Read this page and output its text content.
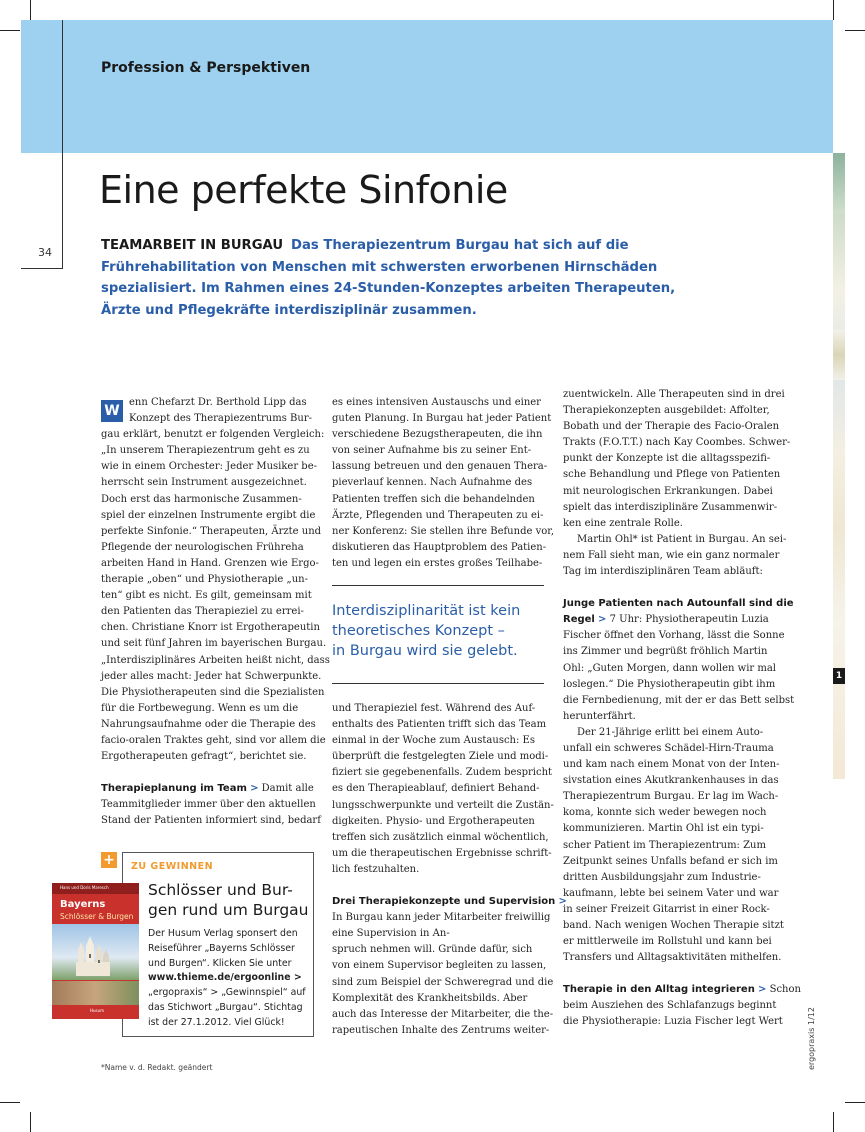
Profession & Perspektiven
34
Eine perfekte Sinfonie
TEAMARBEIT IN BURGAU Das Therapiezentrum Burgau hat sich auf die
Frührehabilitation von Menschen mit schwersten erworbenen Hirnschäden
spezialisiert. Im Rahmen eines 24-Stunden-Konzeptes arbeiten Therapeuten,
Ärzte und Pflegekräfte interdisziplinär zusammen.
W
enn Chefarzt Dr. Berthold Lipp das
Konzept des Therapiezentrums Bur-
gau erklärt, benutzt er folgenden Vergleich:
„In unserem Therapiezentrum geht es zu
wie in einem Orchester: Jeder Musiker be-
herrscht sein Instrument ausgezeichnet.
Doch erst das harmonische Zusammen-
spiel der einzelnen Instrumente ergibt die
perfekte Sinfonie.“ Therapeuten, Ärzte und
Pflegende der neurologischen Frühreha
arbeiten Hand in Hand. Grenzen wie Ergo-
therapie „oben“ und Physiotherapie „un-
ten“ gibt es nicht. Es gilt, gemeinsam mit
den Patienten das Therapieziel zu errei-
chen. Christiane Knorr ist Ergotherapeutin
und seit fünf Jahren im bayerischen Burgau.
„Interdisziplinäres Arbeiten heißt nicht, dass
jeder alles macht: Jeder hat Schwerpunkte.
Die Physiotherapeuten sind die Spezialisten
für die Fortbewegung. Wenn es um die
Nahrungsaufnahme oder die Therapie des
facio-oralen Traktes geht, sind vor allem die
Ergotherapeuten gefragt“, berichtet sie.
Therapieplanung im Team > Damit alle
Teammitglieder immer über den aktuellen
Stand der Patienten informiert sind, bedarf
es eines intensiven Austauschs und einer
guten Planung. In Burgau hat jeder Patient
verschiedene Bezugstherapeuten, die ihn
von seiner Aufnahme bis zu seiner Ent-
lassung betreuen und den genauen Thera-
pieverlauf kennen. Nach Aufnahme des
Patienten treffen sich die behandelnden
Ärzte, Pflegenden und Therapeuten zu ei-
ner Konferenz: Sie stellen ihre Befunde vor,
diskutieren das Hauptproblem des Patien-
ten und legen ein erstes großes Teilhabe-
Interdisziplinarität ist kein
theoretisches Konzept –
in Burgau wird sie gelebt.
und Therapieziel fest. Während des Auf-
enthalts des Patienten trifft sich das Team
einmal in der Woche zum Austausch: Es
überprüft die festgelegten Ziele und modi-
fiziert sie gegebenenfalls. Zudem bespricht
es den Therapieablauf, definiert Behand-
lungsschwerpunkte und verteilt die Zustän-
digkeiten. Physio- und Ergotherapeuten
treffen sich zusätzlich einmal wöchentlich,
um die therapeutischen Ergebnisse schrift-
lich festzuhalten.
Drei Therapiekonzepte und Supervision >
In Burgau kann jeder Mitarbeiter freiwillig
eine Supervision in An-
spruch nehmen will. Gründe dafür, sich
von einem Supervisor begleiten zu lassen,
sind zum Beispiel der Schweregrad und die
Komplexität des Krankheitsbilds. Aber
auch das Interesse der Mitarbeiter, die the-
rapeutischen Inhalte des Zentrums weiter-
zuentwickeln. Alle Therapeuten sind in drei
Therapiekonzepten ausgebildet: Affolter,
Bobath und der Therapie des Facio-Oralen
Trakts (F.O.T.T.) nach Kay Coombes. Schwer-
punkt der Konzepte ist die alltagsspezifi-
sche Behandlung und Pflege von Patienten
mit neurologischen Erkrankungen. Dabei
spielt das interdisziplinäre Zusammenwir-
ken eine zentrale Rolle.
Martin Ohl* ist Patient in Burgau. An sei-
nem Fall sieht man, wie ein ganz normaler
Tag im interdisziplinären Team abläuft:
Junge Patienten nach Autounfall sind die
Regel > 7 Uhr: Physiotherapeutin Luzia
Fischer öffnet den Vorhang, lässt die Sonne
ins Zimmer und begrüßt fröhlich Martin
Ohl: „Guten Morgen, dann wollen wir mal
loslegen.“ Die Physiotherapeutin gibt ihm
die Fernbedienung, mit der er das Bett selbst
herunterfährt.
Der 21-Jährige erlitt bei einem Auto-
unfall ein schweres Schädel-Hirn-Trauma
und kam nach einem Monat von der Inten-
sivstation eines Akutkrankenhauses in das
Therapiezentrum Burgau. Er lag im Wach-
koma, konnte sich weder bewegen noch
kommunizieren. Martin Ohl ist ein typi-
scher Patient im Therapiezentrum: Zum
Zeitpunkt seines Unfalls befand er sich im
dritten Ausbildungsjahr zum Industrie-
kaufmann, lebte bei seinem Vater und war
in seiner Freizeit Gitarrist in einer Rock-
band. Nach wenigen Wochen Therapie sitzt
er mittlerweile im Rollstuhl und kann bei
Transfers und Alltagsaktivitäten mithelfen.
Therapie in den Alltag integrieren > Schon
beim Ausziehen des Schlafanzugs beginnt
die Physiotherapie: Luzia Fischer legt Wert
+ ZU GEWINNEN
Schlösser und Bur-
gen rund um Burgau
Der Husum Verlag sponsert den
Reiseführer „Bayerns Schlösser
und Burgen“. Klicken Sie unter
www.thieme.de/ergoonline >
„ergopraxis“ > „Gewinnspiel“ auf
das Stichwort „Burgau“. Stichtag
ist der 27.1.2012. Viel Glück!
Hans und Doris Maresch
Bayerns
Schlösser & Burgen
Husum
1
ergopraxis 1/12
*Name v. d. Redakt. geändert
